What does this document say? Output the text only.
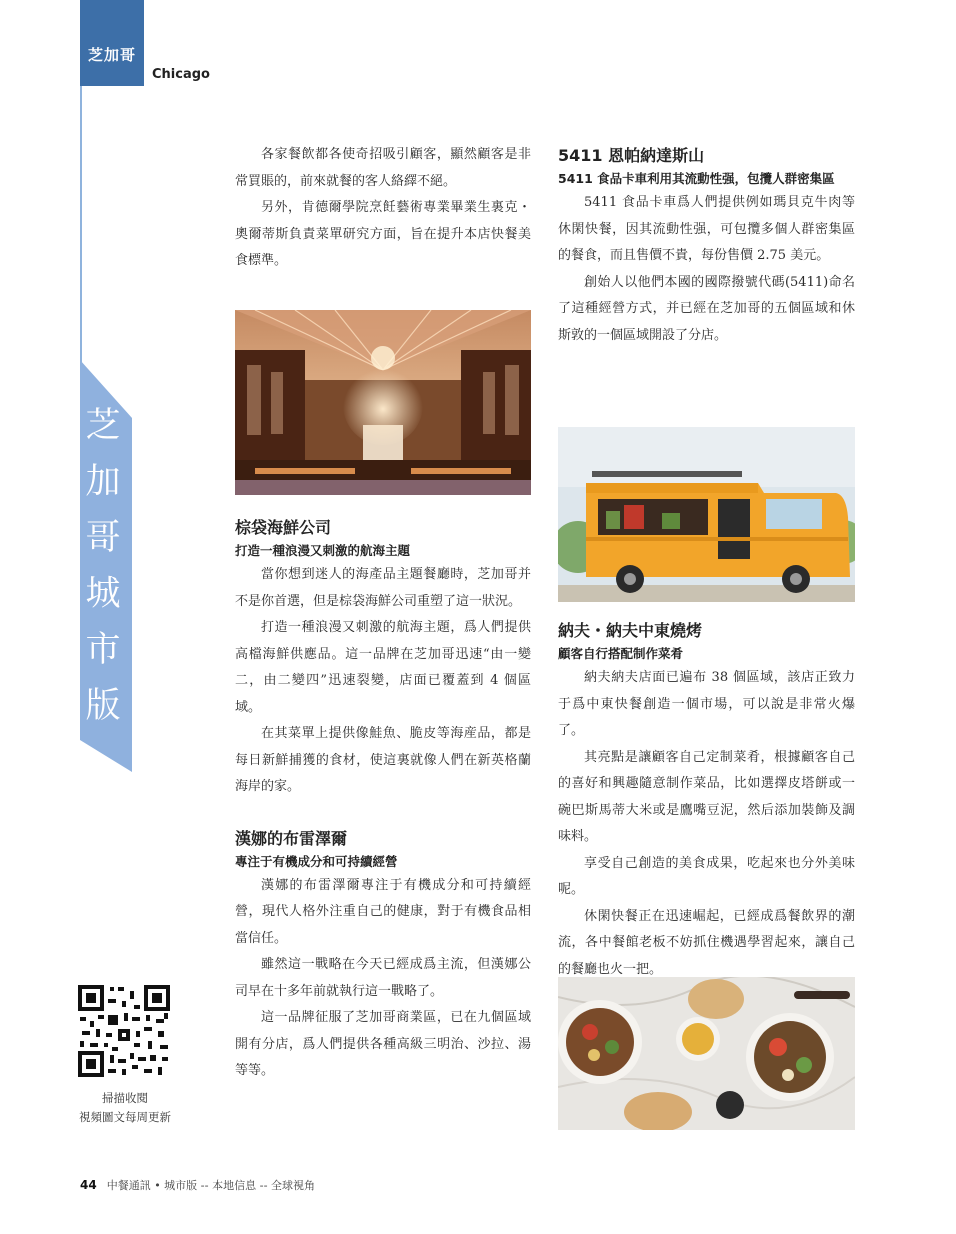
芝加哥
Chicago
芝加哥城市版

各家餐飲都各使奇招吸引顧客，顯然顧客是非常買賬的，前來就餐的客人絡繹不絕。

另外，肯德爾學院烹飪藝術專業畢業生裏克・奧爾蒂斯負責菜單研究方面，旨在提升本店快餐美食標準。

棕袋海鮮公司
打造一種浪漫又刺激的航海主題

當你想到迷人的海產品主題餐廳時，芝加哥并不是你首選，但是棕袋海鮮公司重塑了這一狀況。

打造一種浪漫又刺激的航海主題，爲人們提供高檔海鮮供應品。這一品牌在芝加哥迅速“由一變二，由二變四”迅速裂變，店面已覆蓋到 4 個區域。

在其菜單上提供像鮭魚、脆皮等海産品，都是每日新鮮捕獲的食材，使這裏就像人們在新英格蘭海岸的家。

漢娜的布雷澤爾
專注于有機成分和可持續經營

漢娜的布雷澤爾專注于有機成分和可持續經營，現代人格外注重自己的健康，對于有機食品相當信任。

雖然這一戰略在今天已經成爲主流，但漢娜公司早在十多年前就執行這一戰略了。

這一品牌征服了芝加哥商業區，已在九個區域開有分店，爲人們提供各種高級三明治、沙拉、湯等等。

5411 恩帕納達斯山
5411 食品卡車利用其流動性强，包攬人群密集區

5411 食品卡車爲人們提供例如瑪貝克牛肉等休閑快餐，因其流動性强，可包攬多個人群密集區的餐食，而且售價不貴，每份售價 2.75 美元。

創始人以他們本國的國際撥號代碼(5411)命名了這種經營方式，并已經在芝加哥的五個區域和休斯敦的一個區域開設了分店。

納夫・納夫中東燒烤
顧客自行搭配制作菜肴

納夫納夫店面已遍布 38 個區域，該店正致力于爲中東快餐創造一個市場，可以說是非常火爆了。

其亮點是讓顧客自己定制菜肴，根據顧客自己的喜好和興趣隨意制作菜品，比如選擇皮塔餅或一碗巴斯馬蒂大米或是鷹嘴豆泥，然后添加裝飾及調味料。

享受自己創造的美食成果，吃起來也分外美味呢。

休閑快餐正在迅速崛起，已經成爲餐飲界的潮流，各中餐館老板不妨抓住機遇學習起來，讓自己的餐廳也火一把。

掃描收閱
視頻圖文每周更新
44 中餐通訊 • 城市版 -- 本地信息 -- 全球視角
